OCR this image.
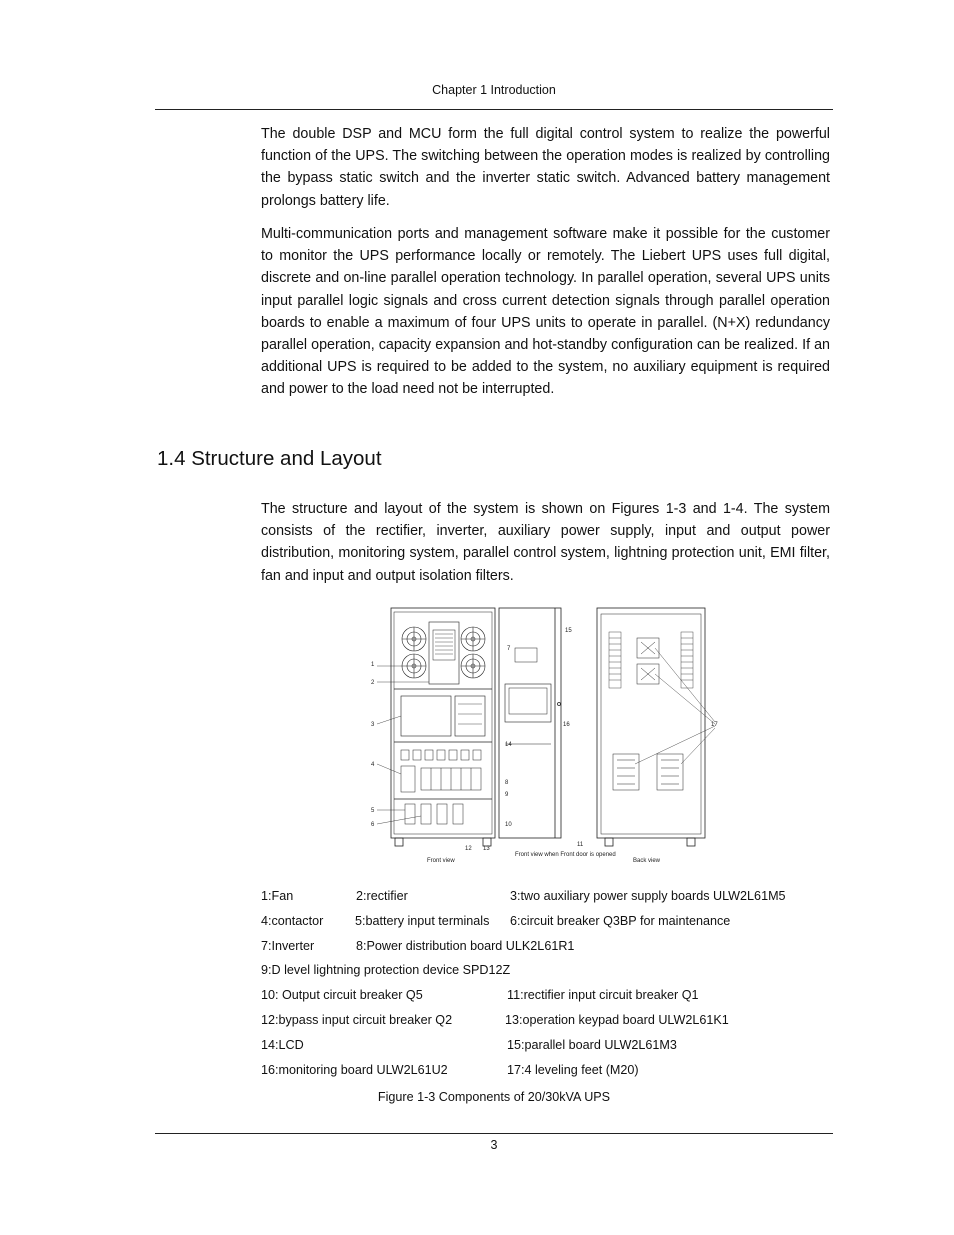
Chapter 1 Introduction
The double DSP and MCU form the full digital control system to realize the powerful function of the UPS. The switching between the operation modes is realized by controlling the bypass static switch and the inverter static switch. Advanced battery management prolongs battery life.
Multi-communication ports and management software make it possible for the customer to monitor the UPS performance locally or remotely. The Liebert UPS uses full digital, discrete and on-line parallel operation technology. In parallel operation, several UPS units input parallel logic signals and cross current detection signals through parallel operation boards to enable a maximum of four UPS units to operate in parallel. (N+X) redundancy parallel operation, capacity expansion and hot-standby configuration can be realized. If an additional UPS is required to be added to the system, no auxiliary equipment is required and power to the load need not be interrupted.
1.4 Structure and Layout
The structure and layout of the system is shown on Figures 1-3 and 1-4. The system consists of the rectifier, inverter, auxiliary power supply, input and output power distribution, monitoring system, parallel control system, lightning protection unit, EMI filter, fan and input and output isolation filters.
1
2
3
4
5
6
7
8
9
10
11
12 13
14
15
16	17
Front view
Front view when Front door is opened
Back view
1:Fan	2:rectifier	3:two auxiliary power supply boards ULW2L61M5
4:contactor	5:battery input terminals 6:circuit breaker Q3BP for maintenance
7:Inverter	8:Power distribution board ULK2L61R1
9:D level lightning protection device SPD12Z
10: Output circuit breaker Q5	11:rectifier input circuit breaker Q1
12:bypass input circuit breaker Q2	13:operation keypad board ULW2L61K1
14:LCD	15:parallel board ULW2L61M3
16:monitoring board ULW2L61U2	17:4 leveling feet (M20)
Figure 1-3 Components of 20/30kVA UPS
3
